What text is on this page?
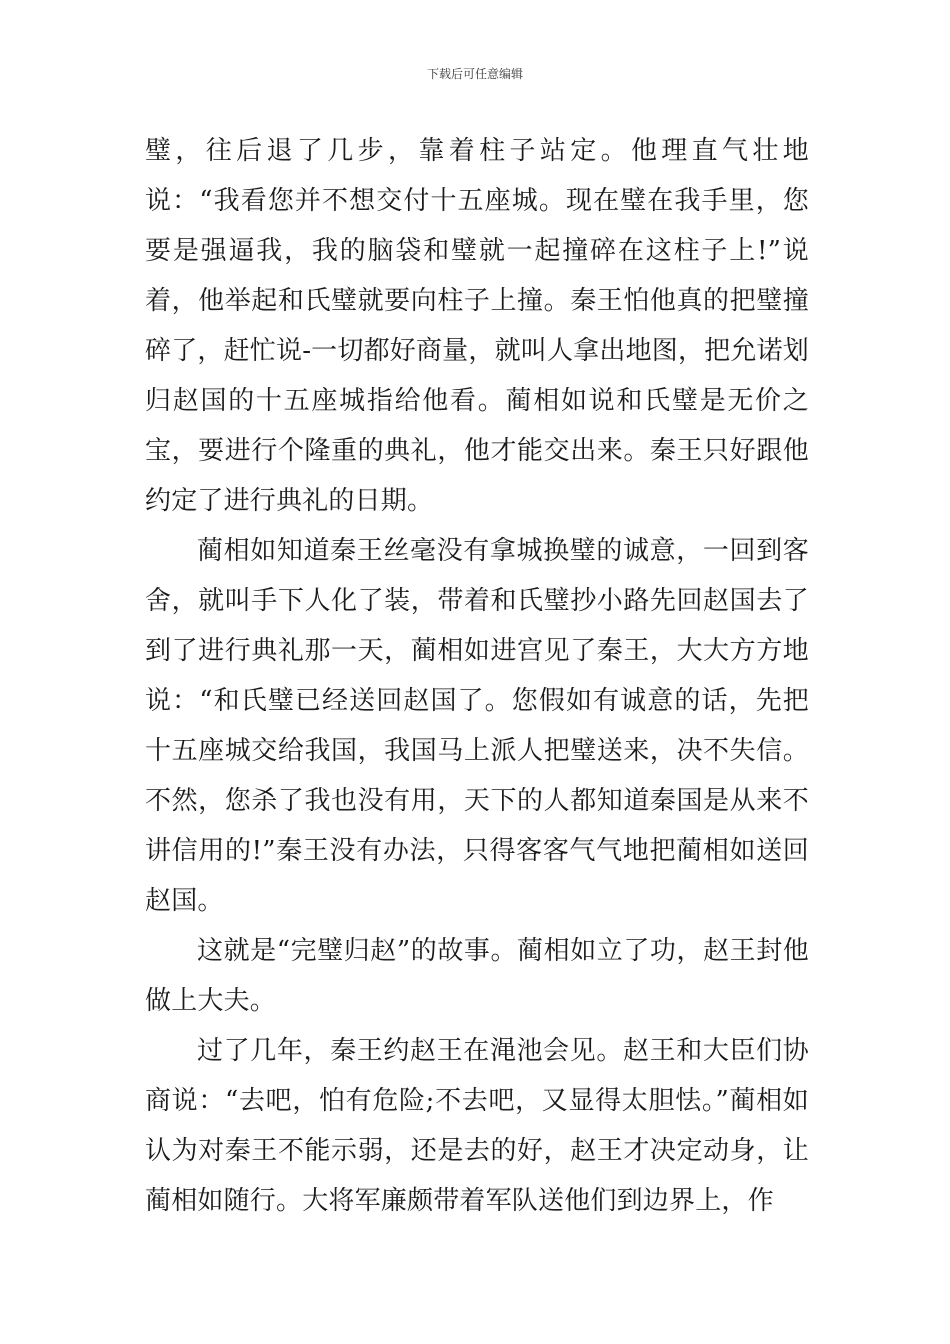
下载后可任意编辑

璧，往后退了几步，靠着柱子站定。他理直气壮地说：“我看您并不想交付十五座城。现在璧在我手里，您要是强逼我，我的脑袋和璧就一起撞碎在这柱子上!”说着，他举起和氏璧就要向柱子上撞。秦王怕他真的把璧撞碎了，赶忙说-一切都好商量，就叫人拿出地图，把允诺划归赵国的十五座城指给他看。蔺相如说和氏璧是无价之宝，要进行个隆重的典礼，他才能交出来。秦王只好跟他约定了进行典礼的日期。

蔺相如知道秦王丝毫没有拿城换璧的诚意，一回到客舍，就叫手下人化了装，带着和氏璧抄小路先回赵国去了到了进行典礼那一天，蔺相如进宫见了秦王，大大方方地说：“和氏璧已经送回赵国了。您假如有诚意的话，先把十五座城交给我国，我国马上派人把璧送来，决不失信。不然，您杀了我也没有用，天下的人都知道秦国是从来不讲信用的!”秦王没有办法，只得客客气气地把蔺相如送回赵国。

这就是“完璧归赵”的故事。蔺相如立了功，赵王封他做上大夫。

过了几年，秦王约赵王在渑池会见。赵王和大臣们协商说：“去吧，怕有危险;不去吧，又显得太胆怯。”蔺相如认为对秦王不能示弱，还是去的好，赵王才决定动身，让蔺相如随行。大将军廉颇带着军队送他们到边界上，作
